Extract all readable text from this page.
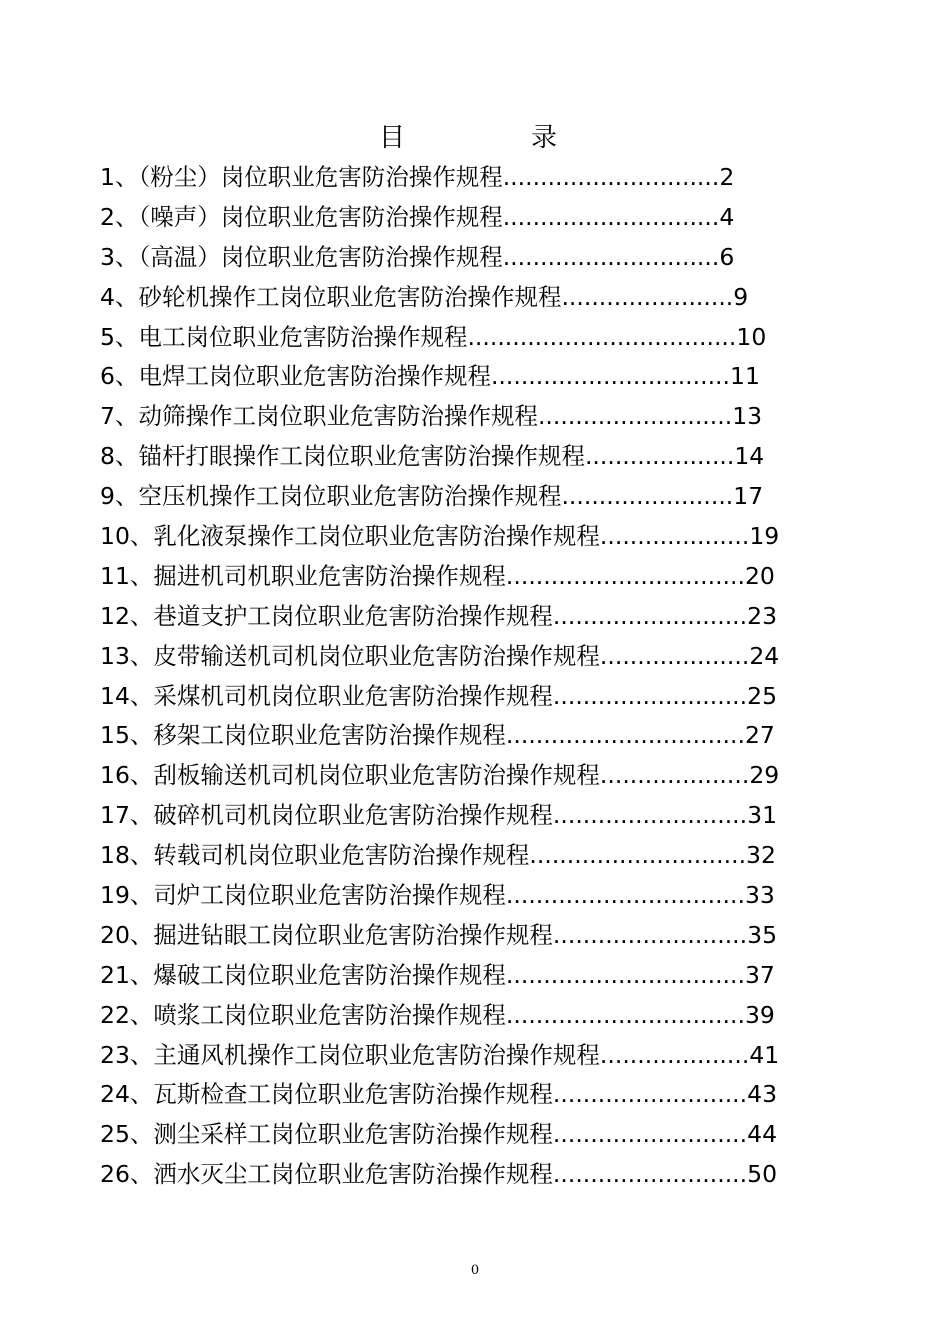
目　录
1、（粉尘）岗位职业危害防治操作规程.............................2
2、（噪声）岗位职业危害防治操作规程.............................4
3、（高温）岗位职业危害防治操作规程.............................6
4、砂轮机操作工岗位职业危害防治操作规程.......................9
5、电工岗位职业危害防治操作规程....................................10
6、电焊工岗位职业危害防治操作规程................................11
7、动筛操作工岗位职业危害防治操作规程..........................13
8、锚杆打眼操作工岗位职业危害防治操作规程....................14
9、空压机操作工岗位职业危害防治操作规程.......................17
10、乳化液泵操作工岗位职业危害防治操作规程....................19
11、掘进机司机职业危害防治操作规程................................20
12、巷道支护工岗位职业危害防治操作规程..........................23
13、皮带输送机司机岗位职业危害防治操作规程....................24
14、采煤机司机岗位职业危害防治操作规程..........................25
15、移架工岗位职业危害防治操作规程................................27
16、刮板输送机司机岗位职业危害防治操作规程....................29
17、破碎机司机岗位职业危害防治操作规程..........................31
18、转载司机岗位职业危害防治操作规程.............................32
19、司炉工岗位职业危害防治操作规程................................33
20、掘进钻眼工岗位职业危害防治操作规程..........................35
21、爆破工岗位职业危害防治操作规程................................37
22、喷浆工岗位职业危害防治操作规程................................39
23、主通风机操作工岗位职业危害防治操作规程....................41
24、瓦斯检查工岗位职业危害防治操作规程..........................43
25、测尘采样工岗位职业危害防治操作规程..........................44
26、洒水灭尘工岗位职业危害防治操作规程..........................50
0
